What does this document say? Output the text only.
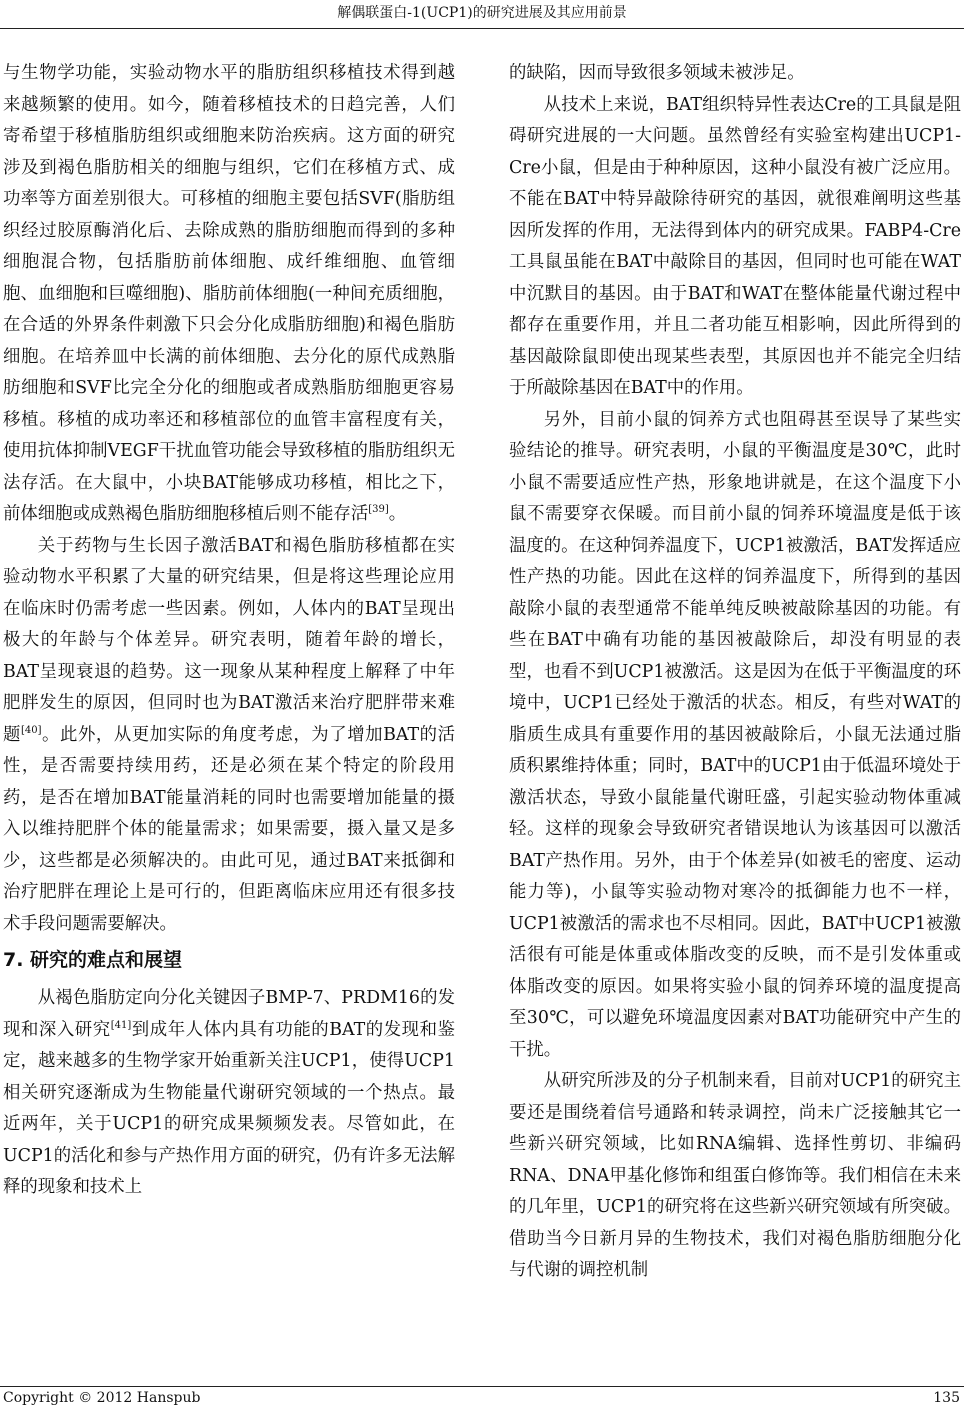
解偶联蛋白-1(UCP1)的研究进展及其应用前景

与生物学功能，实验动物水平的脂肪组织移植技术得到越来越频繁的使用。如今，随着移植技术的日趋完善，人们寄希望于移植脂肪组织或细胞来防治疾病。这方面的研究涉及到褐色脂肪相关的细胞与组织，它们在移植方式、成功率等方面差别很大。可移植的细胞主要包括SVF(脂肪组织经过胶原酶消化后、去除成熟的脂肪细胞而得到的多种细胞混合物，包括脂肪前体细胞、成纤维细胞、血管细胞、血细胞和巨噬细胞)、脂肪前体细胞(一种间充质细胞，在合适的外界条件刺激下只会分化成脂肪细胞)和褐色脂肪细胞。在培养皿中长满的前体细胞、去分化的原代成熟脂肪细胞和SVF比完全分化的细胞或者成熟脂肪细胞更容易移植。移植的成功率还和移植部位的血管丰富程度有关，使用抗体抑制VEGF干扰血管功能会导致移植的脂肪组织无法存活。在大鼠中，小块BAT能够成功移植，相比之下，前体细胞或成熟褐色脂肪细胞移植后则不能存活[39]。

关于药物与生长因子激活BAT和褐色脂肪移植都在实验动物水平积累了大量的研究结果，但是将这些理论应用在临床时仍需考虑一些因素。例如，人体内的BAT呈现出极大的年龄与个体差异。研究表明，随着年龄的增长，BAT呈现衰退的趋势。这一现象从某种程度上解释了中年肥胖发生的原因，但同时也为BAT激活来治疗肥胖带来难题[40]。此外，从更加实际的角度考虑，为了增加BAT的活性，是否需要持续用药，还是必须在某个特定的阶段用药，是否在增加BAT能量消耗的同时也需要增加能量的摄入以维持肥胖个体的能量需求；如果需要，摄入量又是多少，这些都是必须解决的。由此可见，通过BAT来抵御和治疗肥胖在理论上是可行的，但距离临床应用还有很多技术手段问题需要解决。

7. 研究的难点和展望

从褐色脂肪定向分化关键因子BMP-7、PRDM16的发现和深入研究[41]到成年人体内具有功能的BAT的发现和鉴定，越来越多的生物学家开始重新关注UCP1，使得UCP1相关研究逐渐成为生物能量代谢研究领域的一个热点。最近两年，关于UCP1的研究成果频频发表。尽管如此，在UCP1的活化和参与产热作用方面的研究，仍有许多无法解释的现象和技术上

的缺陷，因而导致很多领域未被涉足。

从技术上来说，BAT组织特异性表达Cre的工具鼠是阻碍研究进展的一大问题。虽然曾经有实验室构建出UCP1-Cre小鼠，但是由于种种原因，这种小鼠没有被广泛应用。不能在BAT中特异敲除待研究的基因，就很难阐明这些基因所发挥的作用，无法得到体内的研究成果。FABP4-Cre工具鼠虽能在BAT中敲除目的基因，但同时也可能在WAT中沉默目的基因。由于BAT和WAT在整体能量代谢过程中都存在重要作用，并且二者功能互相影响，因此所得到的基因敲除鼠即使出现某些表型，其原因也并不能完全归结于所敲除基因在BAT中的作用。

另外，目前小鼠的饲养方式也阻碍甚至误导了某些实验结论的推导。研究表明，小鼠的平衡温度是30℃，此时小鼠不需要适应性产热，形象地讲就是，在这个温度下小鼠不需要穿衣保暖。而目前小鼠的饲养环境温度是低于该温度的。在这种饲养温度下，UCP1被激活，BAT发挥适应性产热的功能。因此在这样的饲养温度下，所得到的基因敲除小鼠的表型通常不能单纯反映被敲除基因的功能。有些在BAT中确有功能的基因被敲除后，却没有明显的表型，也看不到UCP1被激活。这是因为在低于平衡温度的环境中，UCP1已经处于激活的状态。相反，有些对WAT的脂质生成具有重要作用的基因被敲除后，小鼠无法通过脂质积累维持体重；同时，BAT中的UCP1由于低温环境处于激活状态，导致小鼠能量代谢旺盛，引起实验动物体重减轻。这样的现象会导致研究者错误地认为该基因可以激活BAT产热作用。另外，由于个体差异(如被毛的密度、运动能力等)，小鼠等实验动物对寒冷的抵御能力也不一样，UCP1被激活的需求也不尽相同。因此，BAT中UCP1被激活很有可能是体重或体脂改变的反映，而不是引发体重或体脂改变的原因。如果将实验小鼠的饲养环境的温度提高至30℃，可以避免环境温度因素对BAT功能研究中产生的干扰。

从研究所涉及的分子机制来看，目前对UCP1的研究主要还是围绕着信号通路和转录调控，尚未广泛接触其它一些新兴研究领域，比如RNA编辑、选择性剪切、非编码RNA、DNA甲基化修饰和组蛋白修饰等。我们相信在未来的几年里，UCP1的研究将在这些新兴研究领域有所突破。借助当今日新月异的生物技术，我们对褐色脂肪细胞分化与代谢的调控机制

Copyright © 2012 Hanspub	135
